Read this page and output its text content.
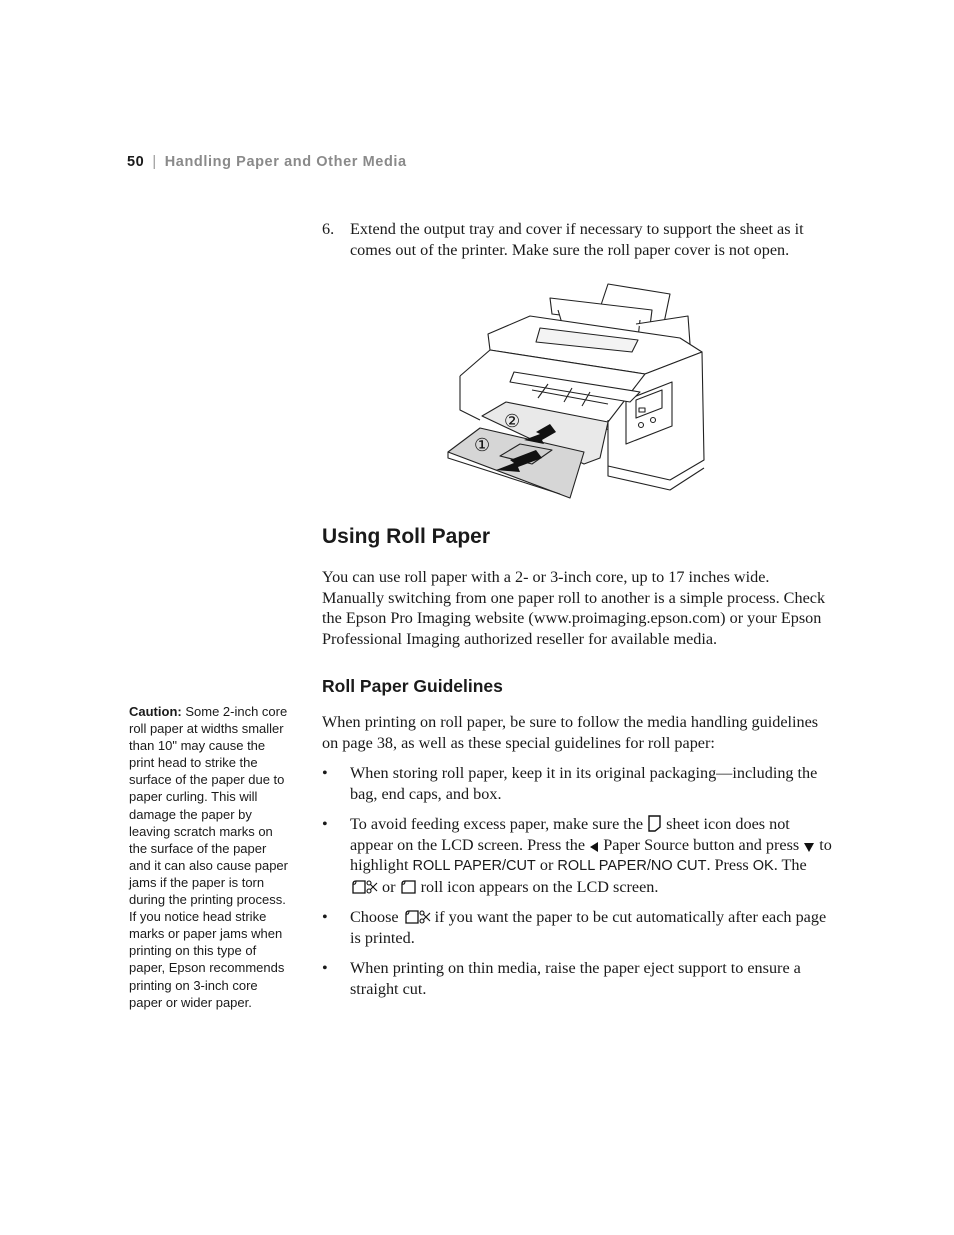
50 | Handling Paper and Other Media
6. Extend the output tray and cover if necessary to support the sheet as it comes out of the printer. Make sure the roll paper cover is not open.
②
①
Using Roll Paper
You can use roll paper with a 2- or 3-inch core, up to 17 inches wide. Manually switching from one paper roll to another is a simple process. Check the Epson Pro Imaging website (www.proimaging.epson.com) or your Epson Professional Imaging authorized reseller for available media.
Roll Paper Guidelines
When printing on roll paper, be sure to follow the media handling guidelines on page 38, as well as these special guidelines for roll paper:
• When storing roll paper, keep it in its original packaging—including the bag, end caps, and box.
• To avoid feeding excess paper, make sure the sheet icon does not appear on the LCD screen. Press the Paper Source button and press to highlight ROLL PAPER/CUT or ROLL PAPER/NO CUT. Press OK. The  or roll icon appears on the LCD screen.
• Choose if you want the paper to be cut automatically after each page is printed.
• When printing on thin media, raise the paper eject support to ensure a straight cut.
Caution: Some 2-inch core roll paper at widths smaller than 10" may cause the print head to strike the surface of the paper due to paper curling. This will damage the paper by leaving scratch marks on the surface of the paper and it can also cause paper jams if the paper is torn during the printing process. If you notice head strike marks or paper jams when printing on this type of paper, Epson recommends printing on 3-inch core paper or wider paper.
